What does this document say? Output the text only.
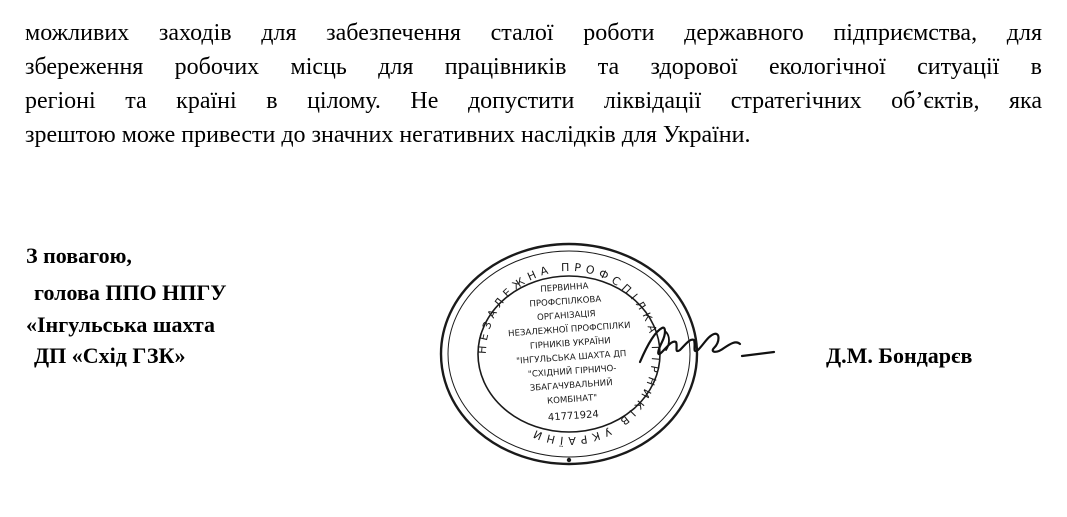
можливих заходів для забезпечення сталої роботи державного підприємства, для
збереження робочих місць для працівників та здорової екологічної ситуації в
регіоні та країні в цілому. Не допустити ліквідації стратегічних об’єктів, яка
зрештою може привести до значних негативних наслідків для України.
З повагою,
голова ППО НПГУ
«Інгульська шахта
ДП «Схід ГЗК»	НЕЗАЛЕЖНА ПРОФСПІЛКА ГІРНИКІВ УКРАЇНИ
ПЕРВИННА
ПРОФСПІЛКОВА
ОРГАНІЗАЦІЯ
НЕЗАЛЕЖНОЇ ПРОФСПІЛКИ
ГІРНИКІВ УКРАЇНИ
"ІНГУЛЬСЬКА ШАХТА ДП
"СХІДНИЙ ГІРНИЧО-
ЗБАГАЧУВАЛЬНИЙ
КОМБІНАТ"
41771924
Д.М. Бондарєв
